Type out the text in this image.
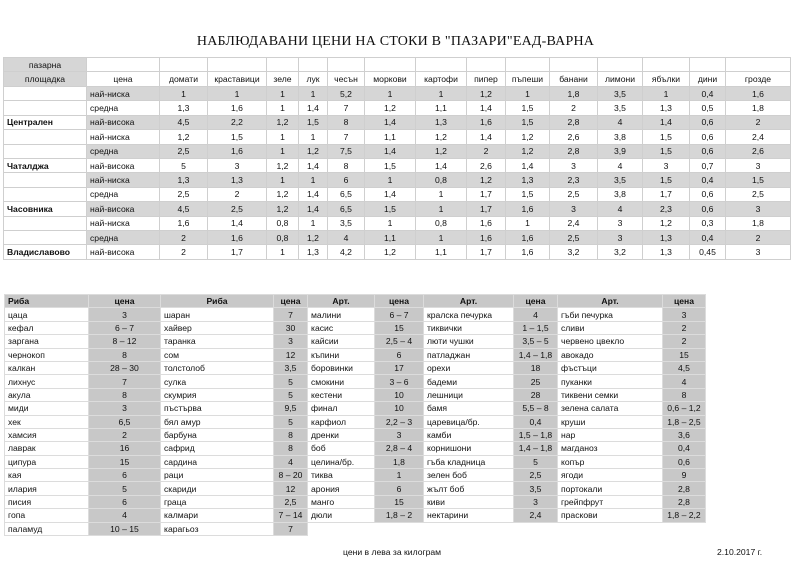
НАБЛЮДАВАНИ ЦЕНИ НА СТОКИ В "ПАЗАРИ"ЕАД-ВАРНА
пазарна															
площадка	цена	домати	краставици	зеле	лук	чесън	моркови	картофи	пипер	пъпеши	банани	лимони	ябълки	дини	грозде
	най-ниска	1	1	1	1	5,2	1	1	1,2	1	1,8	3,5	1	0,4	1,6
	средна	1,3	1,6	1	1,4	7	1,2	1,1	1,4	1,5	2	3,5	1,3	0,5	1,8
Централен	най-висока	4,5	2,2	1,2	1,5	8	1,4	1,3	1,6	1,5	2,8	4	1,4	0,6	2
	най-ниска	1,2	1,5	1	1	7	1,1	1,2	1,4	1,2	2,6	3,8	1,5	0,6	2,4
	средна	2,5	1,6	1	1,2	7,5	1,4	1,2	2	1,2	2,8	3,9	1,5	0,6	2,6
Чаталджа	най-висока	5	3	1,2	1,4	8	1,5	1,4	2,6	1,4	3	4	3	0,7	3
	най-ниска	1,3	1,3	1	1	6	1	0,8	1,2	1,3	2,3	3,5	1,5	0,4	1,5
	средна	2,5	2	1,2	1,4	6,5	1,4	1	1,7	1,5	2,5	3,8	1,7	0,6	2,5
Часовника	най-висока	4,5	2,5	1,2	1,4	6,5	1,5	1	1,7	1,6	3	4	2,3	0,6	3
	най-ниска	1,6	1,4	0,8	1	3,5	1	0,8	1,6	1	2,4	3	1,2	0,3	1,8
	средна	2	1,6	0,8	1,2	4	1,1	1	1,6	1,6	2,5	3	1,3	0,4	2
Владиславово	най-висока	2	1,7	1	1,3	4,2	1,2	1,1	1,7	1,6	3,2	3,2	1,3	0,45	3
Риба	цена	Риба	цена	Арт.	цена	Арт.	цена	Арт.	цена
цаца	3	шаран	7	малини	6 – 7	кралска печурка	4	гъби печурка	3
кефал	6 – 7	хайвер	30	касис	15	тиквички	1 – 1,5	сливи	2
заргана	8 – 12	таранка	3	кайсии	2,5 – 4	люти чушки	3,5 – 5	червено цвекло	2
чернокоп	8	сом	12	къпини	6	патладжан	1,4 – 1,8	авокадо	15
калкан	28 – 30	толстолоб	3,5	боровинки	17	орехи	18	фъстъци	4,5
лихнус	7	сулка	5	смокини	3 – 6	бадеми	25	пуканки	4
акула	8	скумрия	5	кестени	10	лешници	28	тиквени семки	8
миди	3	пъстърва	9,5	финал	10	бамя	5,5 – 8	зелена салата	0,6 – 1,2
хек	6,5	бял амур	5	карфиол	2,2 – 3	царевица/бр.	0,4	круши	1,8 – 2,5
хамсия	2	барбуна	8	дренки	3	камби	1,5 – 1,8	нар	3,6
лаврак	16	сафрид	8	боб	2,8 – 4	корнишони	1,4 – 1,8	магданоз	0,4
ципура	15	сардина	4	целина/бр.	1,8	гъба кладница	5	копър	0,6
кая	6	раци	8 – 20	тиква	1	зелен боб	2,5	ягоди	9
илария	5	скариди	12	арония	6	жълт боб	3,5	портокали	2,8
писия	6	граца	2,5	манго	15	киви	3	грейпфрут	2,8
гопа	4	калмари	7 – 14	дюли	1,8 – 2	нектарини	2,4	праскови	1,8 – 2,2
паламуд	10 – 15	карагьоз	7						
цени в лева за килограм	2.10.2017 г.
